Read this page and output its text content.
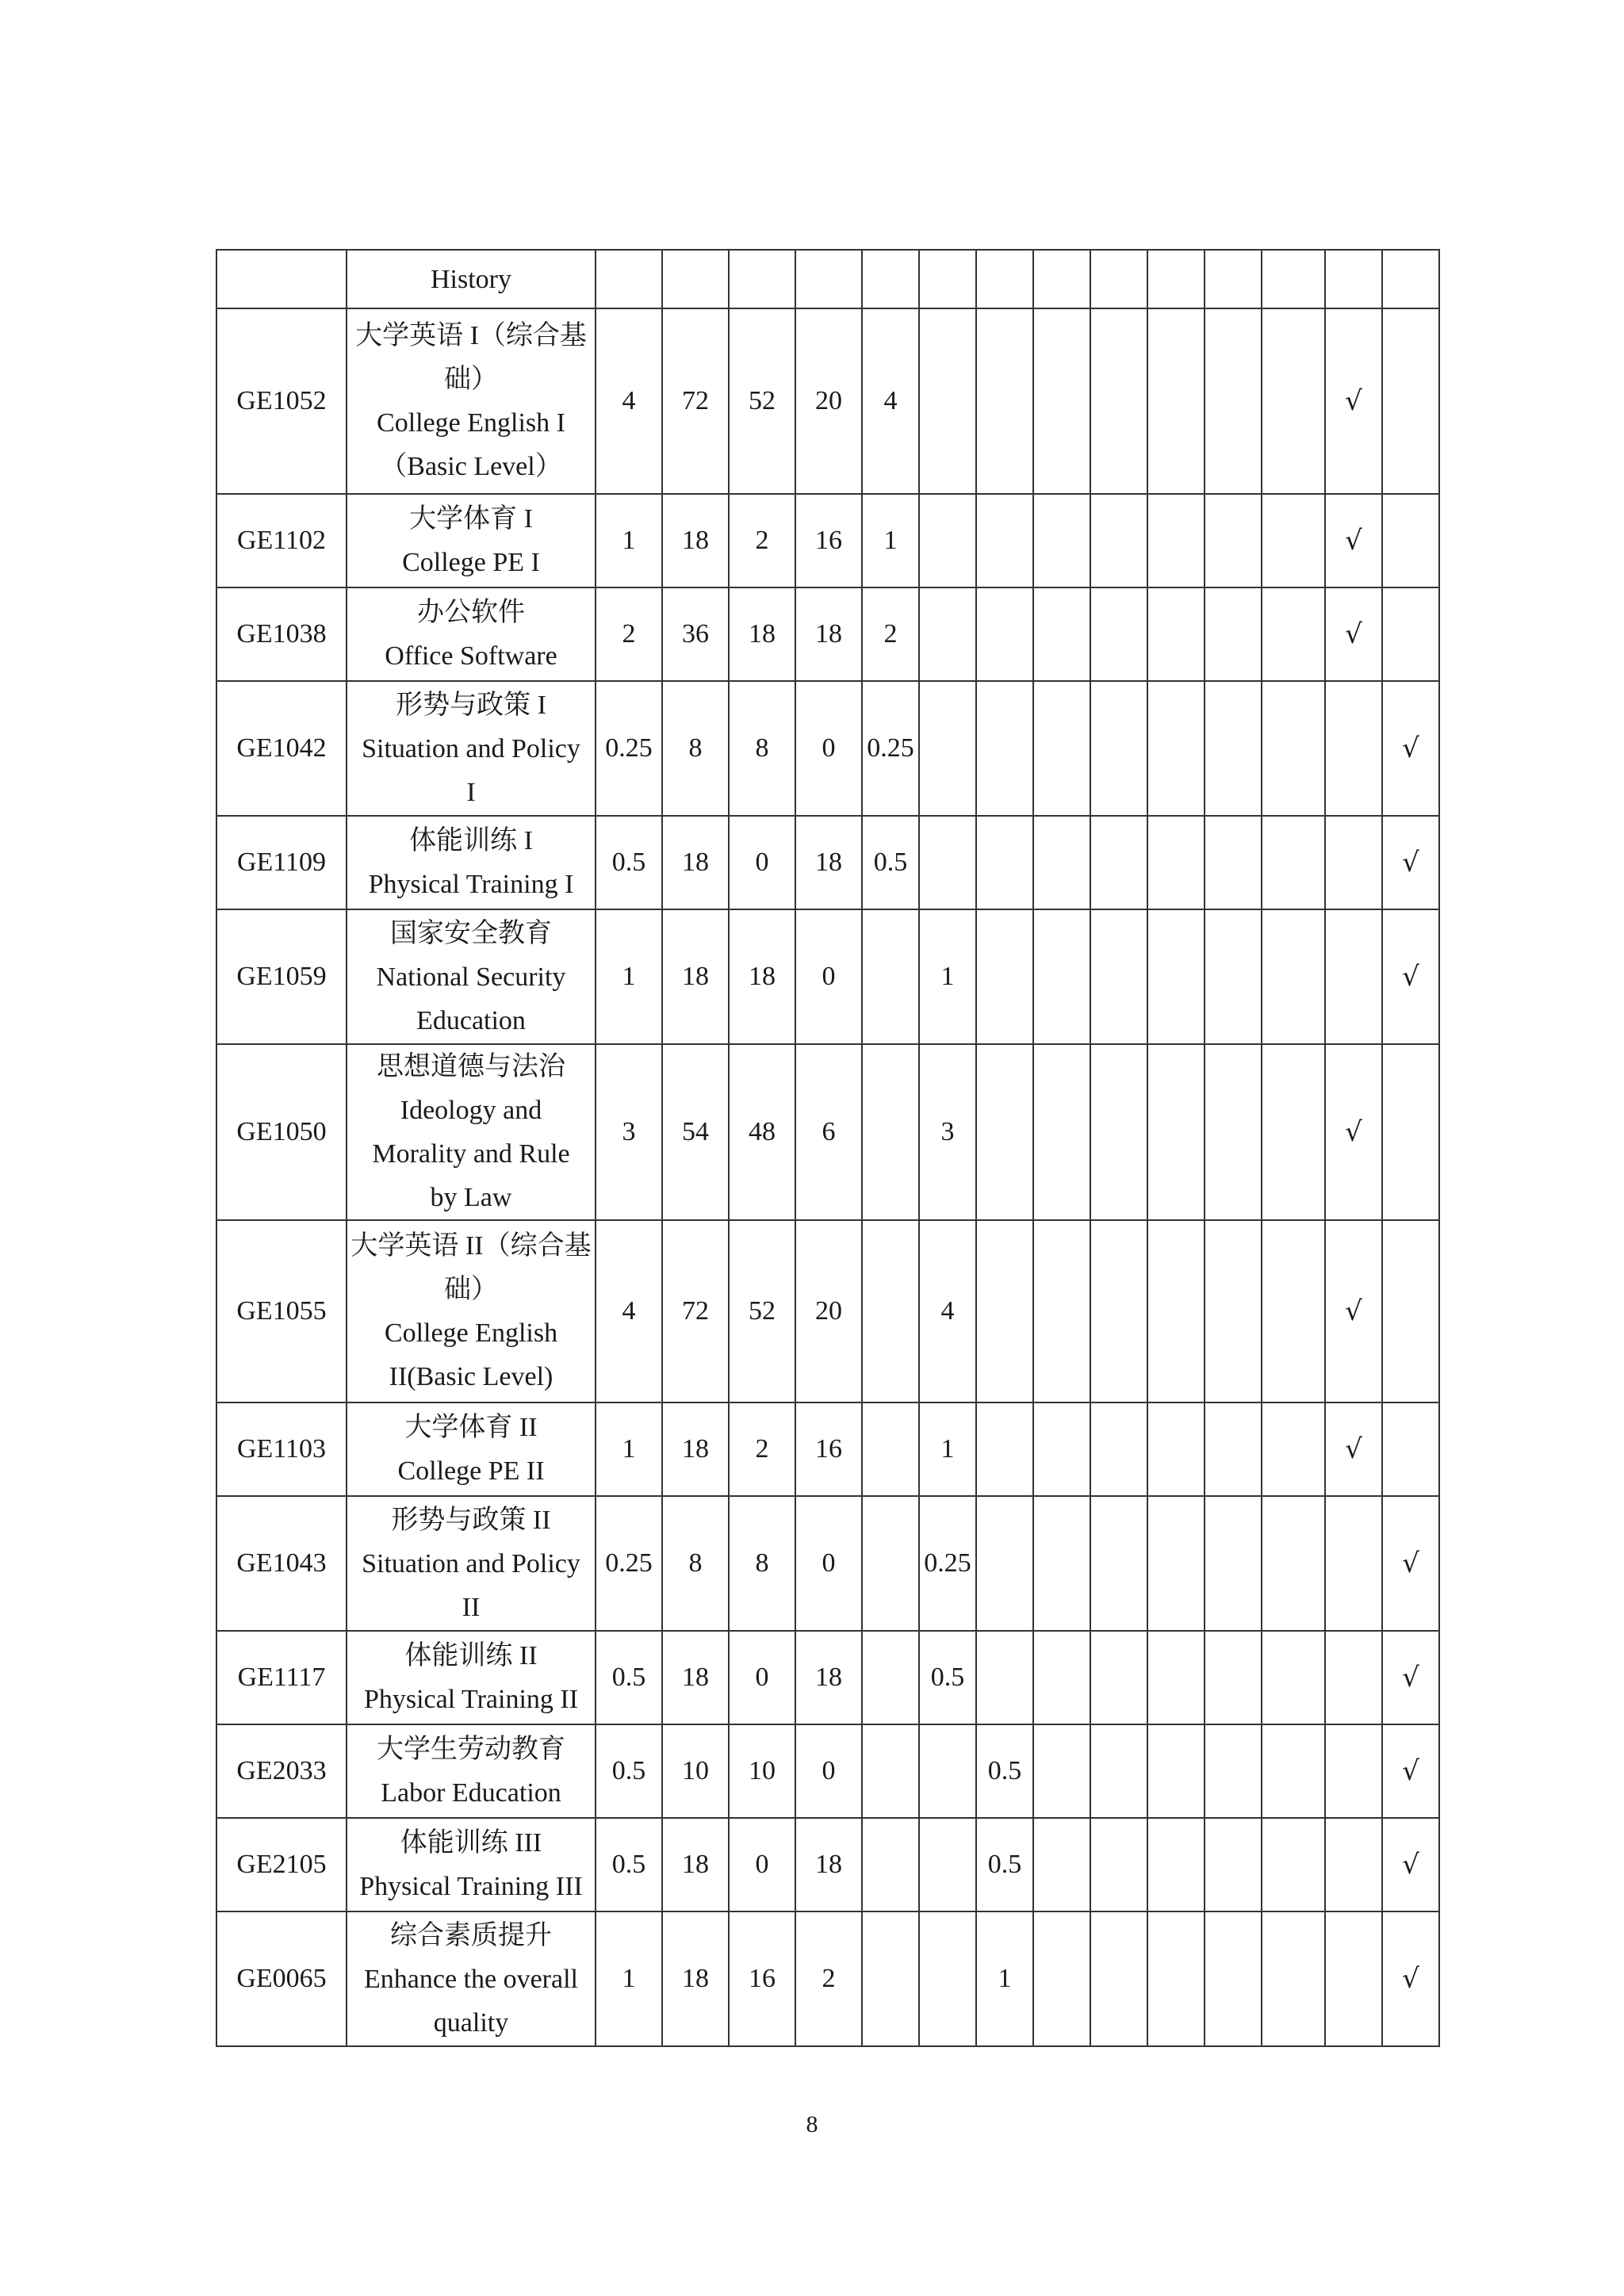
	History														

GE1052	大学英语 I（综合基
础）
College English I
（Basic Level）	4	72	52	20	4								√	
GE1102	大学体育 I
College PE I	1	18	2	16	1								√	
GE1038	办公软件
Office Software	2	36	18	18	2								√	
GE1042	形势与政策 I
Situation and Policy
I	0.25	8	8	0	0.25									√
GE1109	体能训练 I
Physical Training I	0.5	18	0	18	0.5									√
GE1059	国家安全教育
National Security
Education	1	18	18	0		1								√
GE1050	思想道德与法治
Ideology and
Morality and Rule
by Law	3	54	48	6		3							√	
GE1055	大学英语 II（综合基
础）
College English
II(Basic Level)	4	72	52	20		4							√	
GE1103	大学体育 II
College PE II	1	18	2	16		1							√	
GE1043	形势与政策 II
Situation and Policy
II	0.25	8	8	0		0.25								√
GE1117	体能训练 II
Physical Training II	0.5	18	0	18		0.5								√
GE2033	大学生劳动教育
Labor Education	0.5	10	10	0			0.5							√
GE2105	体能训练 III
Physical Training III	0.5	18	0	18			0.5							√
GE0065	综合素质提升
Enhance the overall
quality	1	18	16	2			1							√
8
